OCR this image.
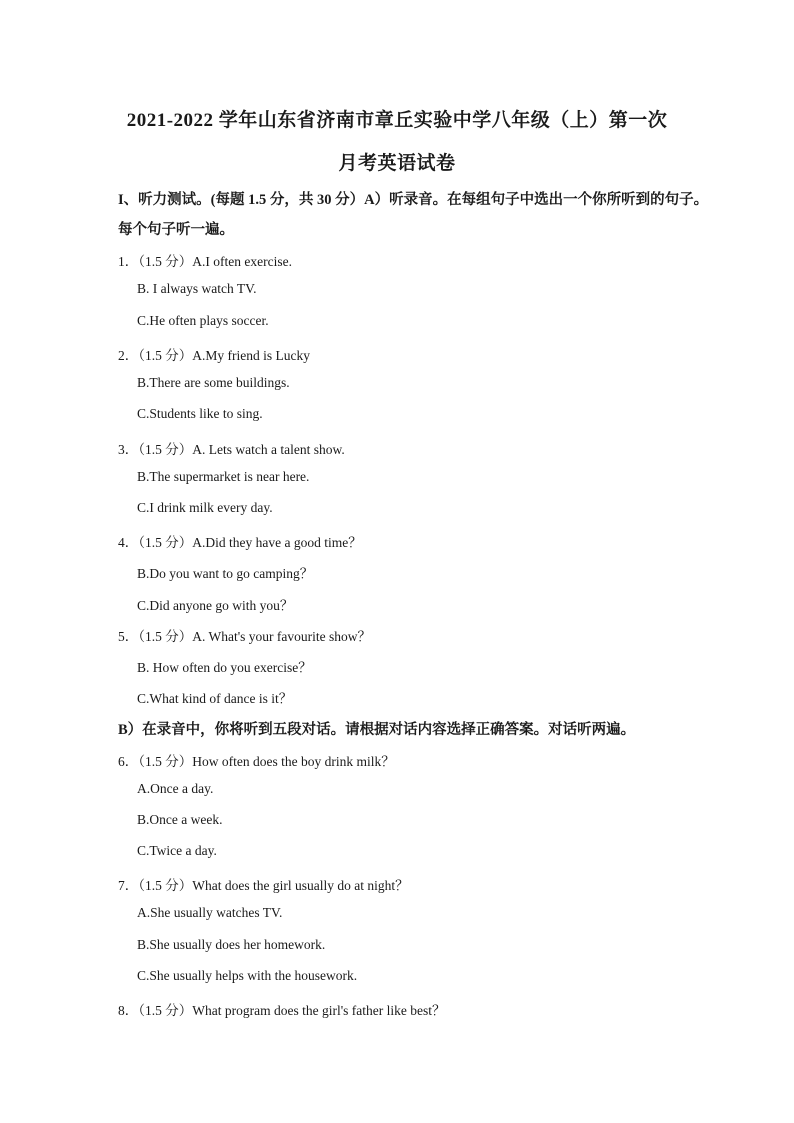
2021-2022 学年山东省济南市章丘实验中学八年级（上）第一次
月考英语试卷
I、听力测试。(每题 1.5 分，共 30 分）A）听录音。在每组句子中选出一个你所听到的句子。
每个句子听一遍。
1．（1.5 分）A.I often exercise.
B. I always watch TV.
C.He often plays soccer.
2．（1.5 分）A.My friend is Lucky
B.There are some buildings.
C.Students like to sing.
3．（1.5 分）A. Lets watch a talent show.
B.The supermarket is near here.
C.I drink milk every day.
4．（1.5 分）A.Did they have a good time？
B.Do you want to go camping？
C.Did anyone go with you？
5．（1.5 分）A. What's your favourite show？
B. How often do you exercise？
C.What kind of dance is it？
B）在录音中，你将听到五段对话。请根据对话内容选择正确答案。对话听两遍。
6．（1.5 分）How often does the boy drink milk？
A.Once a day.
B.Once a week.
C.Twice a day.
7．（1.5 分）What does the girl usually do at night？
A.She usually watches TV.
B.She usually does her homework.
C.She usually helps with the housework.
8．（1.5 分）What program does the girl's father like best？
